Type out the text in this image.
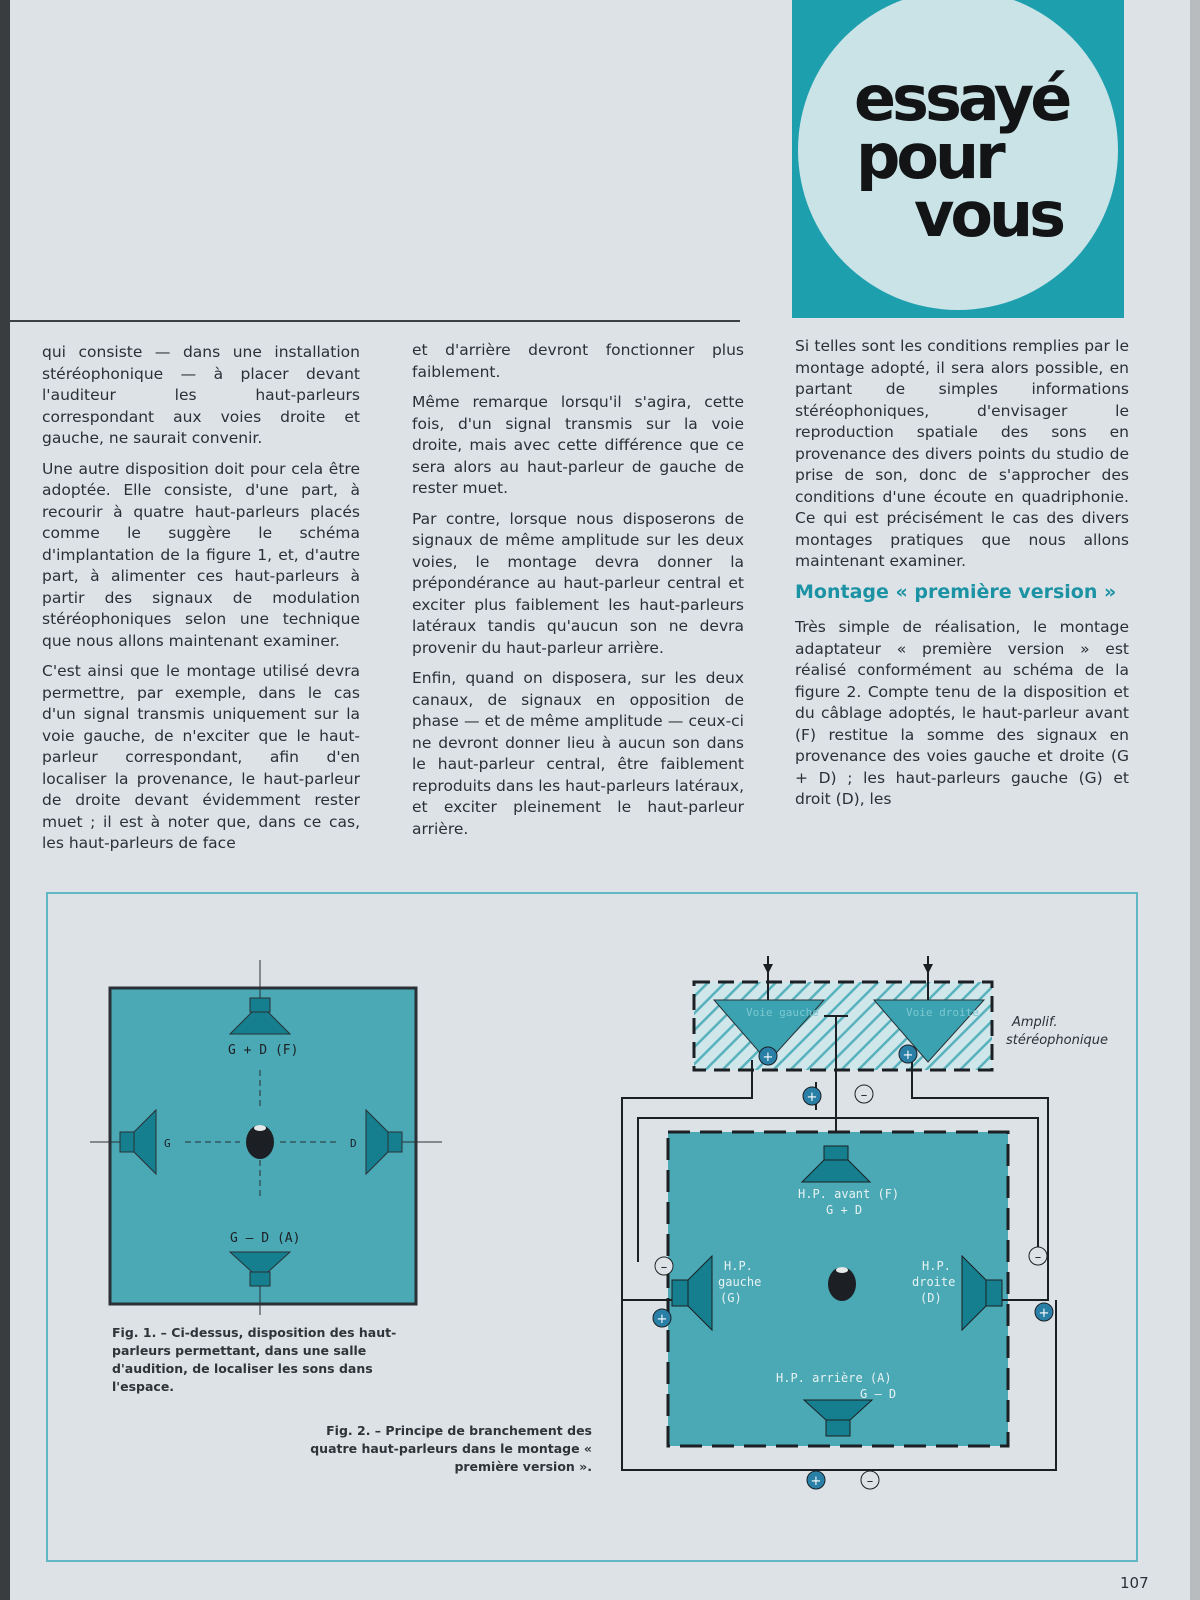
essayé
pour
vous

qui consiste — dans une installation stéréophonique — à placer devant l'auditeur les haut-parleurs correspondant aux voies droite et gauche, ne saurait convenir.

Une autre disposition doit pour cela être adoptée. Elle consiste, d'une part, à recourir à quatre haut-parleurs placés comme le suggère le schéma d'implantation de la figure 1, et, d'autre part, à alimenter ces haut-parleurs à partir des signaux de modulation stéréophoniques selon une technique que nous allons maintenant examiner.

C'est ainsi que le montage utilisé devra permettre, par exemple, dans le cas d'un signal transmis uniquement sur la voie gauche, de n'exciter que le haut-parleur correspondant, afin d'en localiser la provenance, le haut-parleur de droite devant évidemment rester muet ; il est à noter que, dans ce cas, les haut-parleurs de face

et d'arrière devront fonctionner plus faiblement.

Même remarque lorsqu'il s'agira, cette fois, d'un signal transmis sur la voie droite, mais avec cette différence que ce sera alors au haut-parleur de gauche de rester muet.

Par contre, lorsque nous disposerons de signaux de même amplitude sur les deux voies, le montage devra donner la prépondérance au haut-parleur central et exciter plus faiblement les haut-parleurs latéraux tandis qu'aucun son ne devra provenir du haut-parleur arrière.

Enfin, quand on disposera, sur les deux canaux, de signaux en opposition de phase — et de même amplitude — ceux-ci ne devront donner lieu à aucun son dans le haut-parleur central, être faiblement reproduits dans les haut-parleurs latéraux, et exciter pleinement le haut-parleur arrière.

Si telles sont les conditions remplies par le montage adopté, il sera alors possible, en partant de simples informations stéréophoniques, d'envisager le reproduction spatiale des sons en provenance des divers points du studio de prise de son, donc de s'approcher des conditions d'une écoute en quadriphonie. Ce qui est précisément le cas des divers montages pratiques que nous allons maintenant examiner.

Montage « première version »

Très simple de réalisation, le montage adaptateur « première version » est réalisé conformément au schéma de la figure 2. Compte tenu de la disposition et du câblage adoptés, le haut-parleur avant (F) restitue la somme des signaux en provenance des voies gauche et droite (G + D) ; les haut-parleurs gauche (G) et droit (D), les

G + D (F)
G	D
G – D (A)
Fig. 1. – Ci-dessus, disposition des haut-parleurs permettant, dans une salle d'audition, de localiser les sons dans l'espace.
Voie gauche	Voie droite
Amplif.
stéréophonique
H.P. avant (F)
G + D
H.P.
gauche
(G)
H.P.
droite
(D)
H.P. arrière (A)
G – D
+	+
+	–
–
+
–
+
+	–
Fig. 2. – Principe de branchement des quatre haut-parleurs dans le montage « première version ».
107
